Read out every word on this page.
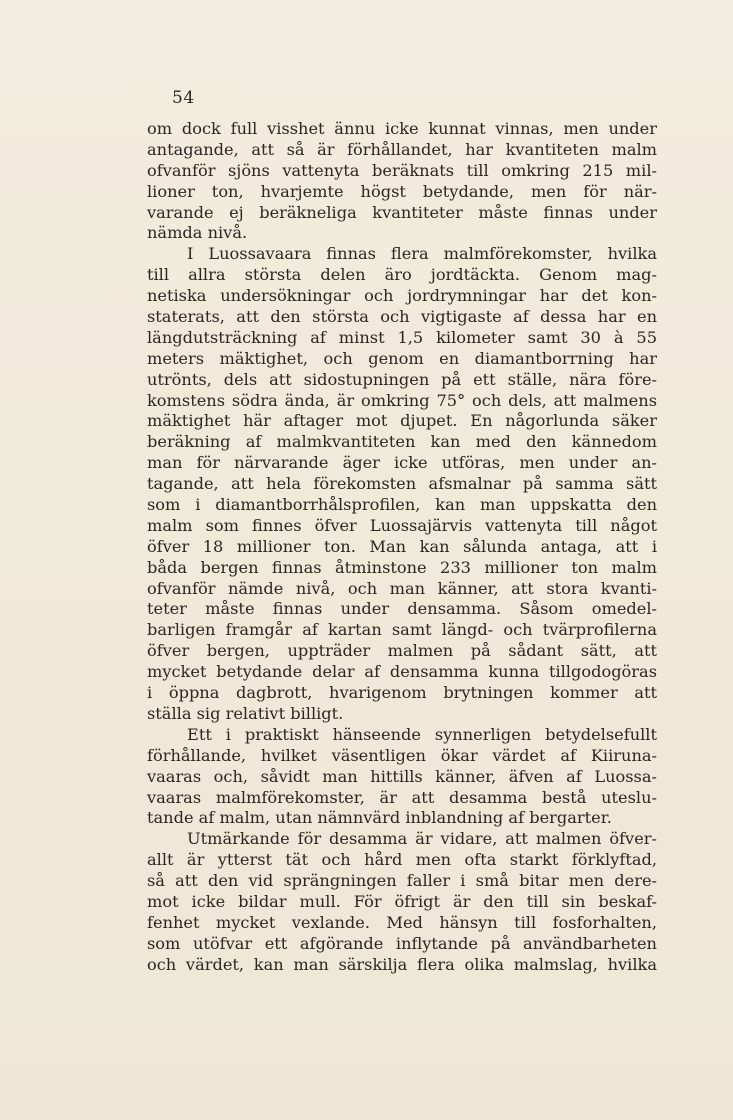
54
om dock full visshet ännu icke kunnat vinnas, men under
antagande, att så är förhållandet, har kvantiteten malm
ofvanför sjöns vattenyta beräknats till omkring 215 mil-
lioner ton, hvarjemte högst betydande, men för när-
varande ej beräkneliga kvantiteter måste finnas under
nämda nivå.
I Luossavaara finnas flera malmförekomster, hvilka
till allra största delen äro jordtäckta. Genom mag-
netiska undersökningar och jordrymningar har det kon-
staterats, att den största och vigtigaste af dessa har en
längdutsträckning af minst 1,5 kilometer samt 30 à 55
meters mäktighet, och genom en diamantborrning har
utrönts, dels att sidostupningen på ett ställe, nära före-
komstens södra ända, är omkring 75° och dels, att malmens
mäktighet här aftager mot djupet. En någorlunda säker
beräkning af malmkvantiteten kan med den kännedom
man för närvarande äger icke utföras, men under an-
tagande, att hela förekomsten afsmalnar på samma sätt
som i diamantborrhålsprofilen, kan man uppskatta den
malm som finnes öfver Luossajärvis vattenyta till något
öfver 18 millioner ton. Man kan sålunda antaga, att i
båda bergen finnas åtminstone 233 millioner ton malm
ofvanför nämde nivå, och man känner, att stora kvanti-
teter måste finnas under densamma. Såsom omedel-
barligen framgår af kartan samt längd- och tvärprofilerna
öfver bergen, uppträder malmen på sådant sätt, att
mycket betydande delar af densamma kunna tillgodogöras
i öppna dagbrott, hvarigenom brytningen kommer att
ställa sig relativt billigt.
Ett i praktiskt hänseende synnerligen betydelsefullt
förhållande, hvilket väsentligen ökar värdet af Kiiruna-
vaaras och, såvidt man hittills känner, äfven af Luossa-
vaaras malmförekomster, är att desamma bestå uteslu-
tande af malm, utan nämnvärd inblandning af bergarter.
Utmärkande för desamma är vidare, att malmen öfver-
allt är ytterst tät och hård men ofta starkt förklyftad,
så att den vid sprängningen faller i små bitar men dere-
mot icke bildar mull. För öfrigt är den till sin beskaf-
fenhet mycket vexlande. Med hänsyn till fosforhalten,
som utöfvar ett afgörande inflytande på användbarheten
och värdet, kan man särskilja flera olika malmslag, hvilka
